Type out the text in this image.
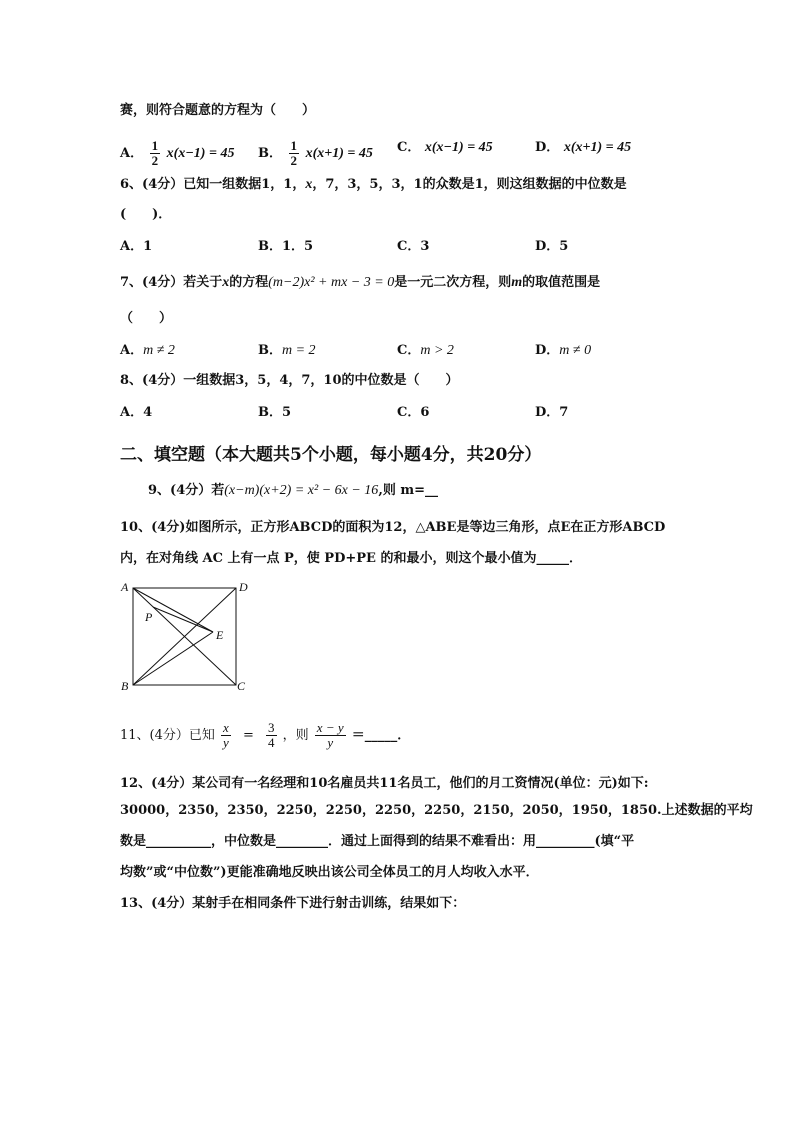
赛，则符合题意的方程为（　　）
A． $\frac{1}{2} x(x-1) = 45$ B． $\frac{1}{2} x(x+1) = 45$ C． x(x−1) = 45	D． x(x+1) = 45
6、(4分）已知一组数据1，1，x，7，3，5，3，1的众数是1，则这组数据的中位数是
(　　)．
A．1	B．1．5	C．3	D．5
7、(4分）若关于x的方程(m−2)x² + mx − 3 = 0是一元二次方程，则m的取值范围是
（　　）
A．m ≠ 2	B．m = 2	C．m > 2	D．m ≠ 0
8、(4分）一组数据3，5，4，7，10的中位数是（　　）
A．4	B．5	C．6	D．7
二、填空题（本大题共5个小题，每小题4分，共20分）
9、(4分）若(x−m)(x+2) = x² − 6x − 16,则 m=__
10、(4分)如图所示，正方形ABCD的面积为12，△ABE是等边三角形，点E在正方形ABCD
内，在对角线 AC 上有一点 P，使 PD+PE 的和最小，则这个最小值为_____．
A	D
B	C
P
E
11、(4分）已知 $\frac{x}{y} = \frac{3}{4}$ ，则 $\frac{x - y}{y}$ ＝_____．
12、(4分）某公司有一名经理和10名雇员共11名员工，他们的月工资情况(单位：元)如下:
30000，2350，2350，2250，2250，2250，2250，2150，2050，1950，1850.上述数据的平均
数是__________，中位数是________．通过上面得到的结果不难看出：用_________(填“平
均数”或“中位数”)更能准确地反映出该公司全体员工的月人均收入水平．
13、(4分）某射手在相同条件下进行射击训练，结果如下：
